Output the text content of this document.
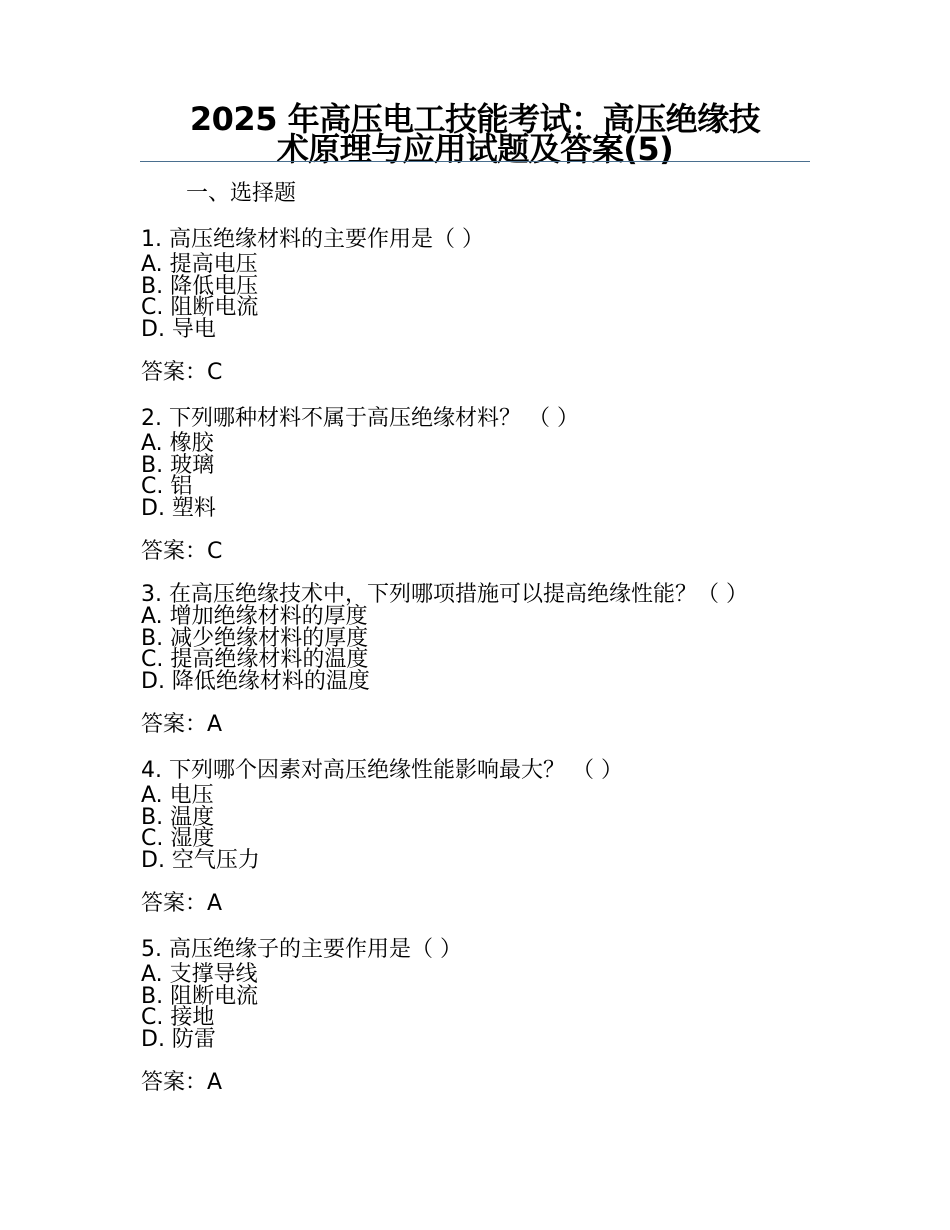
2025 年高压电工技能考试：高压绝缘技
术原理与应用试题及答案(5)
一、选择题
1. 高压绝缘材料的主要作用是（ ）
A. 提高电压
B. 降低电压
C. 阻断电流
D. 导电
答案：C
2. 下列哪种材料不属于高压绝缘材料？ （ ）
A. 橡胶
B. 玻璃
C. 铝
D. 塑料
答案：C
3. 在高压绝缘技术中，下列哪项措施可以提高绝缘性能？（ ）
A. 增加绝缘材料的厚度
B. 减少绝缘材料的厚度
C. 提高绝缘材料的温度
D. 降低绝缘材料的温度
答案：A
4. 下列哪个因素对高压绝缘性能影响最大？ （ ）
A. 电压
B. 温度
C. 湿度
D. 空气压力
答案：A
5. 高压绝缘子的主要作用是（ ）
A. 支撑导线
B. 阻断电流
C. 接地
D. 防雷
答案：A
